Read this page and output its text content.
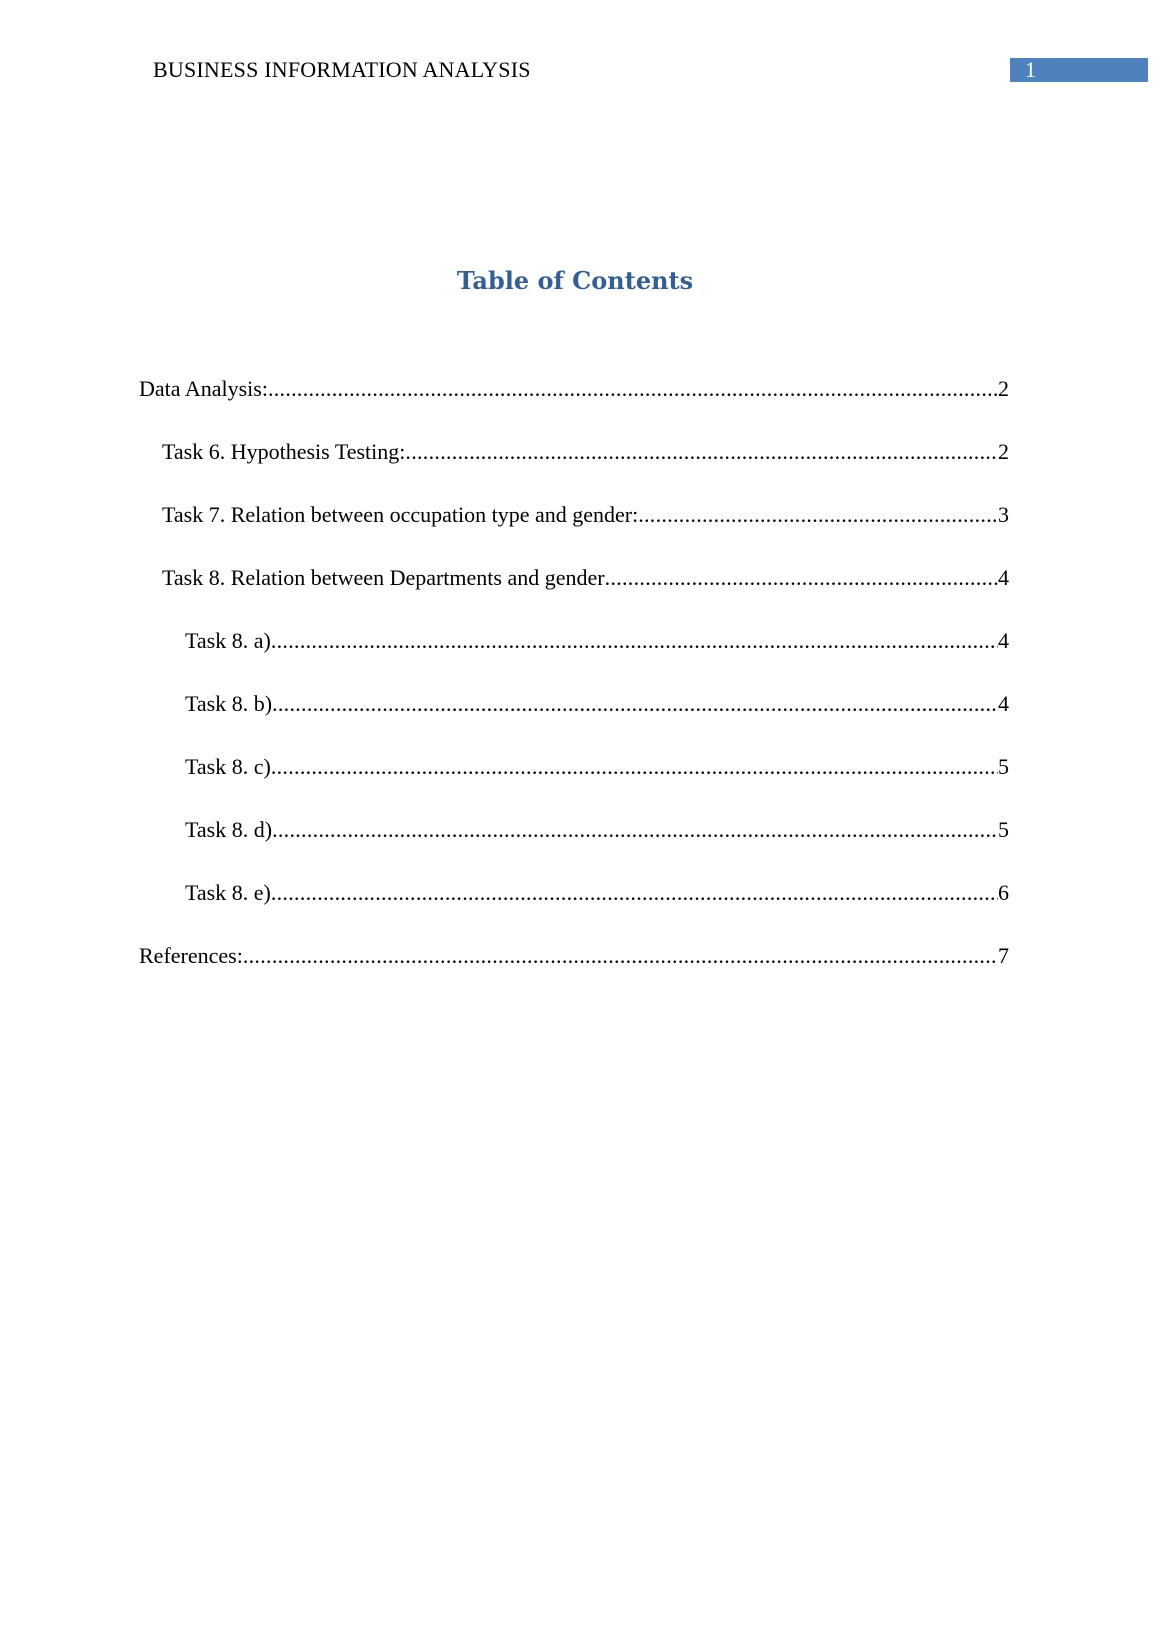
BUSINESS INFORMATION ANALYSIS	1
Table of Contents
Data Analysis: .....	2
Task 6. Hypothesis Testing: .....	2
Task 7. Relation between occupation type and gender: .....	3
Task 8. Relation between Departments and gender .....	4
Task 8. a) .....	4
Task 8. b) .....	4
Task 8. c) .....	5
Task 8. d) .....	5
Task 8. e) .....	6
References: .....	7
